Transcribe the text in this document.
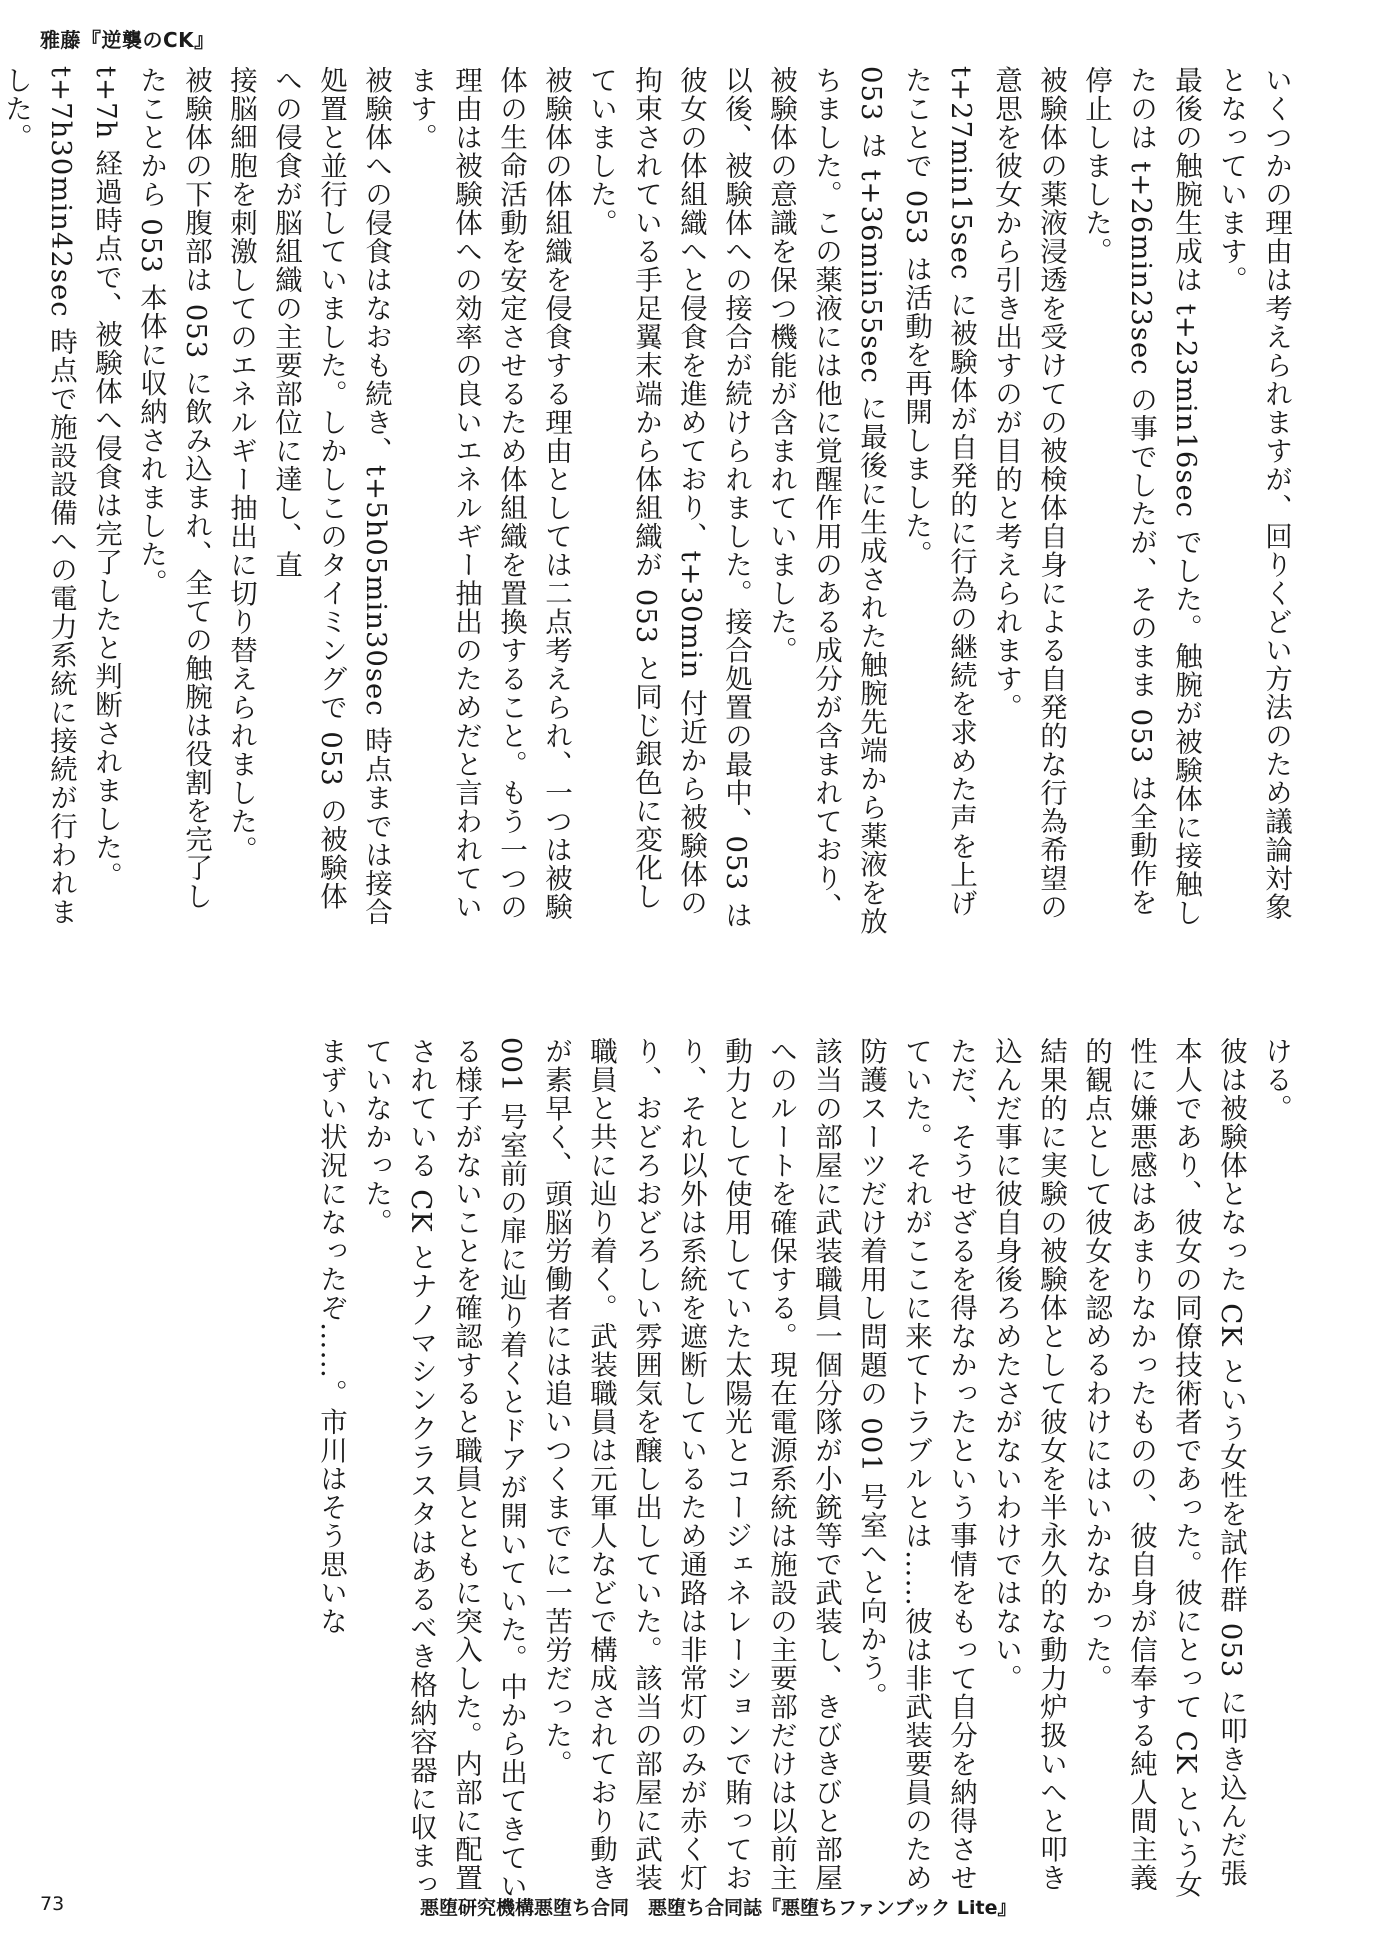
雅藤『逆襲のCK』

いくつかの理由は考えられますが、回りくどい方法のため議論対象となっています。

最後の触腕生成は t+23min16sec でした。触腕が被験体に接触したのは t+26min23sec の事でしたが、そのまま 053 は全動作を停止しました。

被験体の薬液浸透を受けての被検体自身による自発的な行為希望の意思を彼女から引き出すのが目的と考えられます。

t+27min15sec に被験体が自発的に行為の継続を求めた声を上げたことで 053 は活動を再開しました。

053 は t+36min55sec に最後に生成された触腕先端から薬液を放ちました。この薬液には他に覚醒作用のある成分が含まれており、被験体の意識を保つ機能が含まれていました。

以後、被験体への接合が続けられました。接合処置の最中、053 は彼女の体組織へと侵食を進めており、t+30min 付近から被験体の拘束されている手足翼末端から体組織が 053 と同じ銀色に変化していました。

被験体の体組織を侵食する理由としては二点考えられ、一つは被験体の生命活動を安定させるため体組織を置換すること。もう一つの理由は被験体への効率の良いエネルギー抽出のためだと言われています。

被験体への侵食はなおも続き、t+5h05min30sec 時点までは接合処置と並行していました。しかしこのタイミングで 053 の被験体への侵食が脳組織の主要部位に達し、直

接脳細胞を刺激してのエネルギー抽出に切り替えられました。

被験体の下腹部は 053 に飲み込まれ、全ての触腕は役割を完了したことから 053 本体に収納されました。

t+7h 経過時点で、被験体へ侵食は完了したと判断されました。t+7h30min42sec 時点で施設設備への電力系統に接続が行われました。

ける。

彼は被験体となった CK という女性を試作群 053 に叩き込んだ張本人であり、彼女の同僚技術者であった。彼にとって CK という女性に嫌悪感はあまりなかったものの、彼自身が信奉する純人間主義的観点として彼女を認めるわけにはいかなかった。

結果的に実験の被験体として彼女を半永久的な動力炉扱いへと叩き込んだ事に彼自身後ろめたさがないわけではない。

ただ、そうせざるを得なかったという事情をもって自分を納得させていた。それがここに来てトラブルとは……彼は非武装要員のため防護スーツだけ着用し問題の 001 号室へと向かう。

該当の部屋に武装職員一個分隊が小銃等で武装し、きびきびと部屋へのルートを確保する。現在電源系統は施設の主要部だけは以前主動力として使用していた太陽光とコージェネレーションで賄っており、それ以外は系統を遮断しているため通路は非常灯のみが赤く灯り、おどろおどろしい雰囲気を醸し出していた。該当の部屋に武装職員と共に辿り着く。武装職員は元軍人などで構成されており動きが素早く、頭脳労働者には追いつくまでに一苦労だった。

001 号室前の扉に辿り着くとドアが開いていた。中から出てきている様子がないことを確認すると職員とともに突入した。内部に配置されている CK とナノマシンクラスタはあるべき格納容器に収まっていなかった。

まずい状況になったぞ……。市川はそう思いな

73	悪堕研究機構悪堕ち合同　悪堕ち合同誌『悪堕ちファンブック Lite』
